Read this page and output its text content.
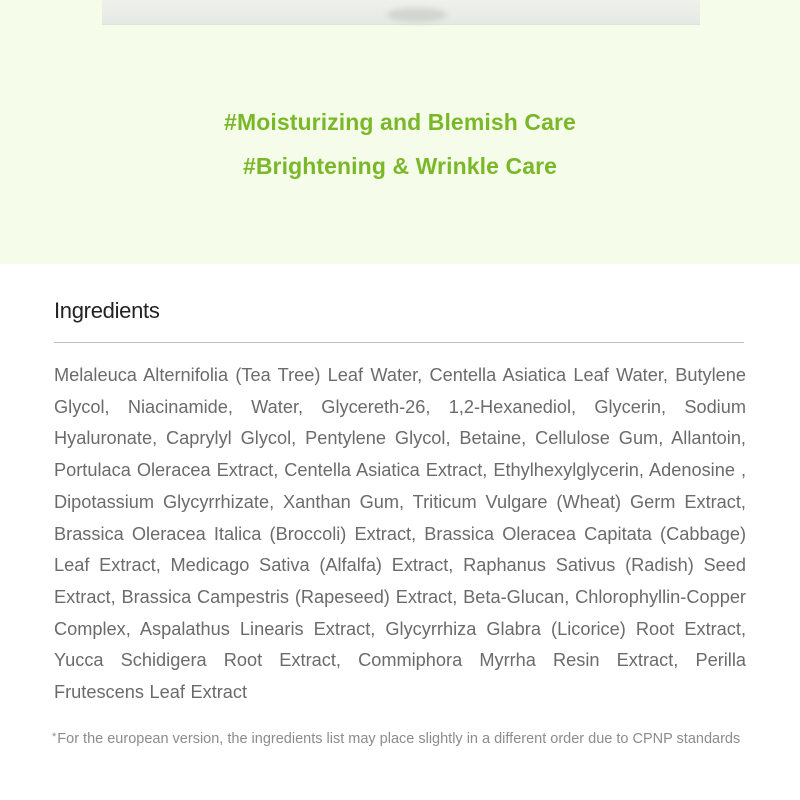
#Moisturizing and Blemish Care
#Brightening & Wrinkle Care
Ingredients

Melaleuca Alternifolia (Tea Tree) Leaf Water, Centella Asiatica Leaf Water, Butylene Glycol, Niacinamide, Water, Glycereth-26, 1,2-Hexanediol, Glycerin, Sodium Hyaluronate, Caprylyl Glycol, Pentylene Glycol, Betaine, Cellulose Gum, Allantoin, Portulaca Oleracea Extract, Centella Asiatica Extract, Ethylhexylglycerin, Adenosine , Dipotassium Glycyrrhizate, Xanthan Gum, Triticum Vulgare (Wheat) Germ Extract, Brassica Oleracea Italica (Broccoli) Extract, Brassica Oleracea Capitata (Cabbage) Leaf Extract, Medicago Sativa (Alfalfa) Extract, Raphanus Sativus (Radish) Seed Extract, Brassica Campestris (Rapeseed) Extract, Beta-Glucan, Chlorophyllin-Copper Complex, Aspalathus Linearis Extract, Glycyrrhiza Glabra (Licorice) Root Extract, Yucca Schidigera Root Extract, Commiphora Myrrha Resin Extract, Perilla Frutescens Leaf Extract

*For the european version, the ingredients list may place slightly in a different order due to CPNP standards
